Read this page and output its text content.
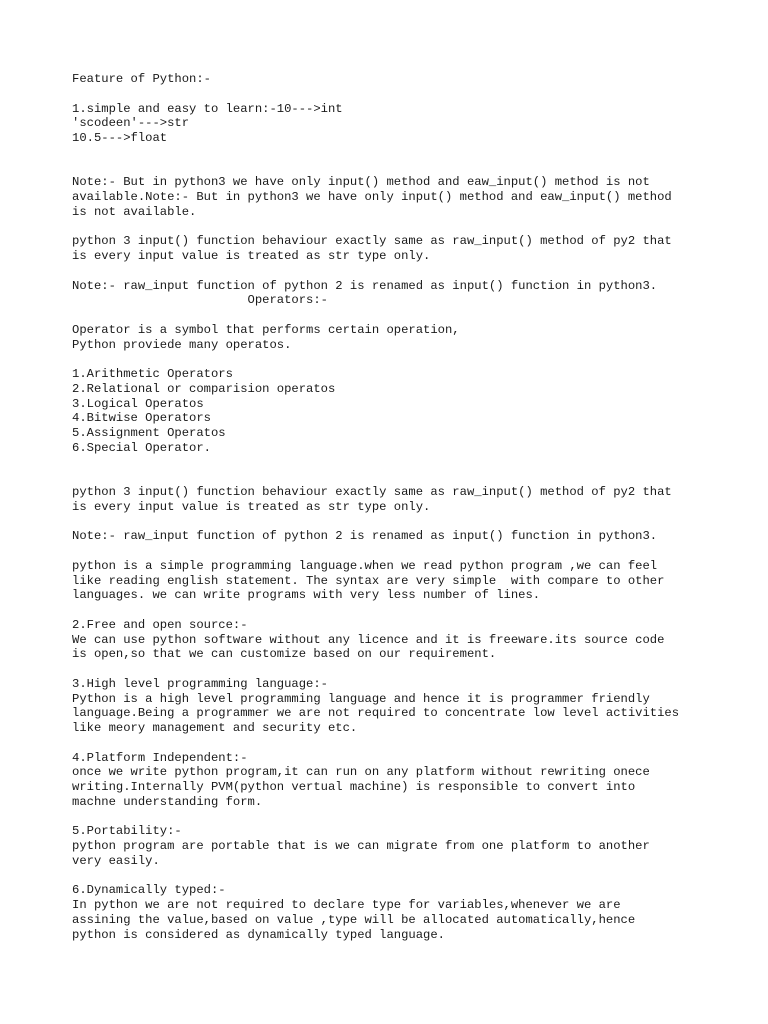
Feature of Python:-
1.simple and easy to learn:-10--->int
'scodeen'--->str
10.5--->float
Note:- But in python3 we have only input() method and eaw_input() method is not
available.Note:- But in python3 we have only input() method and eaw_input() method
is not available.
python 3 input() function behaviour exactly same as raw_input() method of py2 that
is every input value is treated as str type only.
Note:- raw_input function of python 2 is renamed as input() function in python3.
Operators:-
Operator is a symbol that performs certain operation,
Python proviede many operatos.
1.Arithmetic Operators
2.Relational or comparision operatos
3.Logical Operatos
4.Bitwise Operators
5.Assignment Operatos
6.Special Operator.
python 3 input() function behaviour exactly same as raw_input() method of py2 that
is every input value is treated as str type only.
Note:- raw_input function of python 2 is renamed as input() function in python3.
python is a simple programming language.when we read python program ,we can feel
like reading english statement. The syntax are very simple  with compare to other
languages. we can write programs with very less number of lines.
2.Free and open source:-
We can use python software without any licence and it is freeware.its source code
is open,so that we can customize based on our requirement.
3.High level programming language:-
Python is a high level programming language and hence it is programmer friendly
language.Being a programmer we are not required to concentrate low level activities
like meory management and security etc.
4.Platform Independent:-
once we write python program,it can run on any platform without rewriting onece
writing.Internally PVM(python vertual machine) is responsible to convert into
machne understanding form.
5.Portability:-
python program are portable that is we can migrate from one platform to another
very easily.
6.Dynamically typed:-
In python we are not required to declare type for variables,whenever we are
assining the value,based on value ,type will be allocated automatically,hence
python is considered as dynamically typed language.
